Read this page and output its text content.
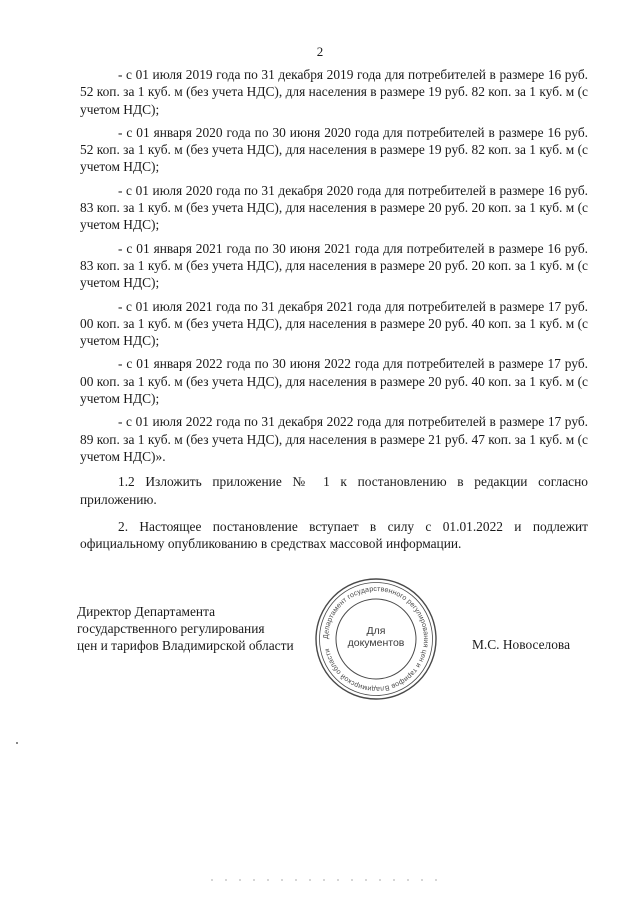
2

- с 01 июля 2019 года по 31 декабря 2019 года для потребителей в размере 16 руб. 52 коп. за 1 куб. м (без учета НДС), для населения в размере 19 руб. 82 коп. за 1 куб. м (с учетом НДС);

- с 01 января 2020 года по 30 июня 2020 года для потребителей в размере 16 руб. 52 коп. за 1 куб. м (без учета НДС), для населения в размере 19 руб. 82 коп. за 1 куб. м (с учетом НДС);

- с 01 июля 2020 года по 31 декабря 2020 года для потребителей в размере 16 руб. 83 коп. за 1 куб. м (без учета НДС), для населения в размере 20 руб. 20 коп. за 1 куб. м (с учетом НДС);

- с 01 января 2021 года по 30 июня 2021 года для потребителей в размере 16 руб. 83 коп. за 1 куб. м (без учета НДС), для населения в размере 20 руб. 20 коп. за 1 куб. м (с учетом НДС);

- с 01 июля 2021 года по 31 декабря 2021 года для потребителей в размере 17 руб. 00 коп. за 1 куб. м (без учета НДС), для населения в размере 20 руб. 40 коп. за 1 куб. м (с учетом НДС);

- с 01 января 2022 года по 30 июня 2022 года для потребителей в размере 17 руб. 00 коп. за 1 куб. м (без учета НДС), для населения в размере 20 руб. 40 коп. за 1 куб. м (с учетом НДС);

- с 01 июля 2022 года по 31 декабря 2022 года для потребителей в размере 17 руб. 89 коп. за 1 куб. м (без учета НДС), для населения в размере 21 руб. 47 коп. за 1 куб. м (с учетом НДС)».

1.2 Изложить приложение № 1 к постановлению в редакции согласно приложению.

2. Настоящее постановление вступает в силу с 01.01.2022 и подлежит официальному опубликованию в средствах массовой информации.

Директор Департамента
государственного регулирования
цен и тарифов Владимирской области
Департамент государственного регулирования цен и тарифов Владимирской области
Для
документов	М.С. Новоселова
